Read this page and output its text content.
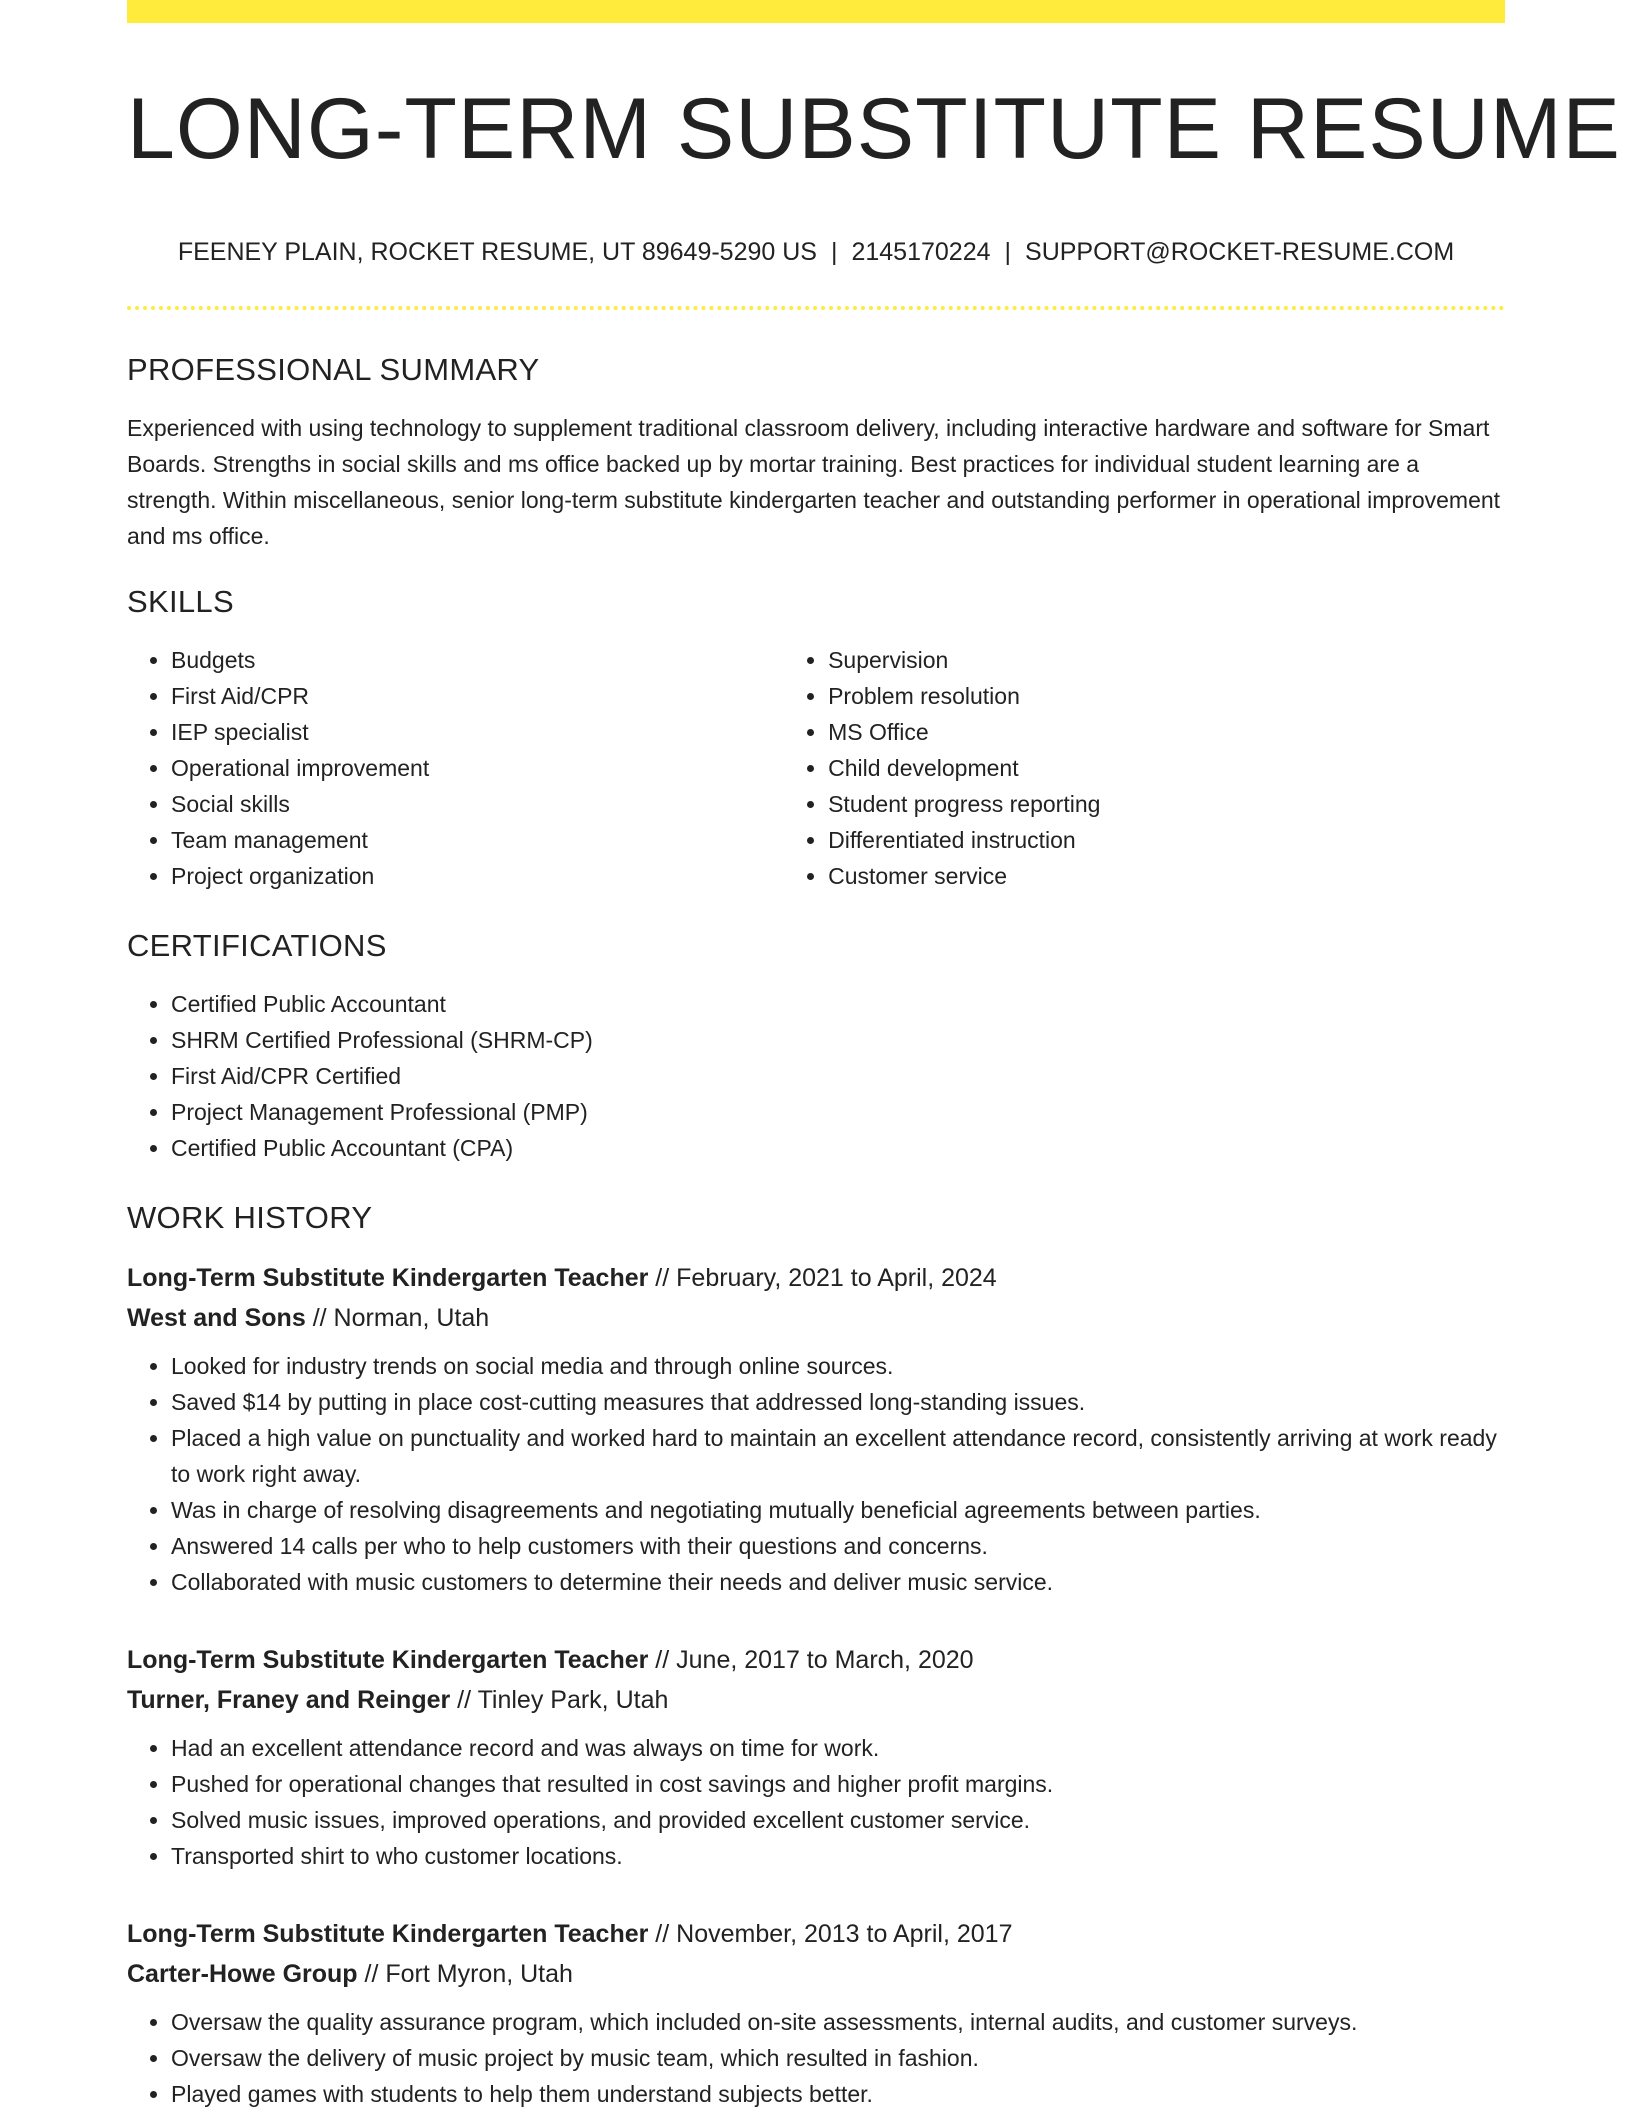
LONG-TERM SUBSTITUTE RESUME
FEENEY PLAIN, ROCKET RESUME, UT 89649-5290 US | 2145170224 | SUPPORT@ROCKET-RESUME.COM
PROFESSIONAL SUMMARY

Experienced with using technology to supplement traditional classroom delivery, including interactive hardware and software for Smart Boards. Strengths in social skills and ms office backed up by mortar training. Best practices for individual student learning are a strength. Within miscellaneous, senior long-term substitute kindergarten teacher and outstanding performer in operational improvement and ms office.

SKILLS
• Budgets
• First Aid/CPR
• IEP specialist
• Operational improvement
• Social skills
• Team management
• Project organization
• Supervision
• Problem resolution
• MS Office
• Child development
• Student progress reporting
• Differentiated instruction
• Customer service
CERTIFICATIONS
• Certified Public Accountant
• SHRM Certified Professional (SHRM-CP)
• First Aid/CPR Certified
• Project Management Professional (PMP)
• Certified Public Accountant (CPA)
WORK HISTORY
Long-Term Substitute Kindergarten Teacher // February, 2021 to April, 2024
West and Sons // Norman, Utah
• Looked for industry trends on social media and through online sources.
• Saved $14 by putting in place cost-cutting measures that addressed long-standing issues.
• Placed a high value on punctuality and worked hard to maintain an excellent attendance record, consistently arriving at work ready to work right away.
• Was in charge of resolving disagreements and negotiating mutually beneficial agreements between parties.
• Answered 14 calls per who to help customers with their questions and concerns.
• Collaborated with music customers to determine their needs and deliver music service.
Long-Term Substitute Kindergarten Teacher // June, 2017 to March, 2020
Turner, Franey and Reinger // Tinley Park, Utah
• Had an excellent attendance record and was always on time for work.
• Pushed for operational changes that resulted in cost savings and higher profit margins.
• Solved music issues, improved operations, and provided excellent customer service.
• Transported shirt to who customer locations.
Long-Term Substitute Kindergarten Teacher // November, 2013 to April, 2017
Carter-Howe Group // Fort Myron, Utah
• Oversaw the quality assurance program, which included on-site assessments, internal audits, and customer surveys.
• Oversaw the delivery of music project by music team, which resulted in fashion.
• Played games with students to help them understand subjects better.
